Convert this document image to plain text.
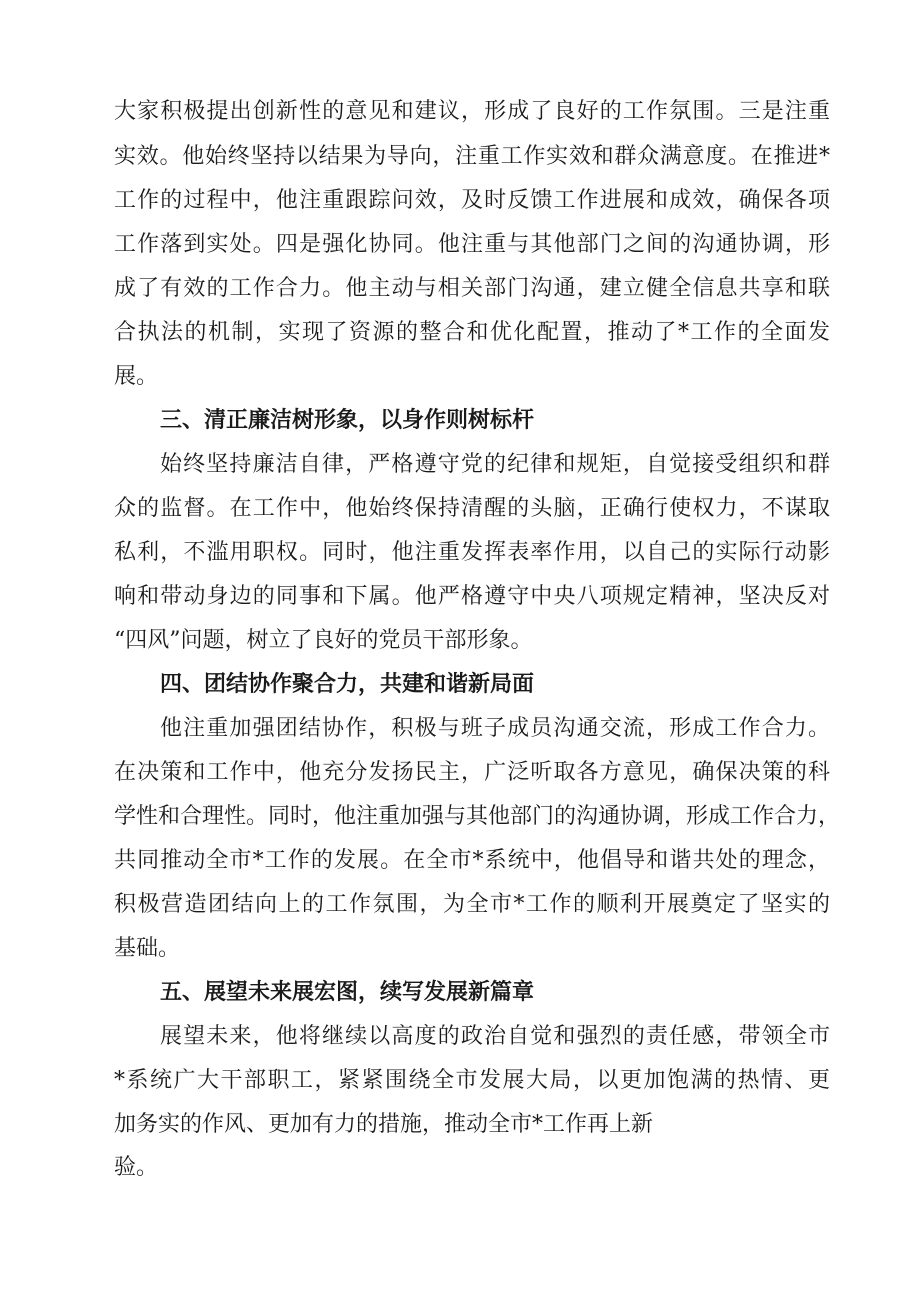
大家积极提出创新性的意见和建议，形成了良好的工作氛围。三是注重

实效。他始终坚持以结果为导向，注重工作实效和群众满意度。在推进*

工作的过程中，他注重跟踪问效，及时反馈工作进展和成效，确保各项

工作落到实处。四是强化协同。他注重与其他部门之间的沟通协调，形

成了有效的工作合力。他主动与相关部门沟通，建立健全信息共享和联

合执法的机制，实现了资源的整合和优化配置，推动了*工作的全面发

展。

三、清正廉洁树形象，以身作则树标杆

始终坚持廉洁自律，严格遵守党的纪律和规矩，自觉接受组织和群

众的监督。在工作中，他始终保持清醒的头脑，正确行使权力，不谋取

私利，不滥用职权。同时，他注重发挥表率作用，以自己的实际行动影

响和带动身边的同事和下属。他严格遵守中央八项规定精神，坚决反对

“四风”问题，树立了良好的党员干部形象。

四、团结协作聚合力，共建和谐新局面

他注重加强团结协作，积极与班子成员沟通交流，形成工作合力。

在决策和工作中，他充分发扬民主，广泛听取各方意见，确保决策的科

学性和合理性。同时，他注重加强与其他部门的沟通协调，形成工作合力，

共同推动全市*工作的发展。在全市*系统中，他倡导和谐共处的理念，

积极营造团结向上的工作氛围，为全市*工作的顺利开展奠定了坚实的

基础。

五、展望未来展宏图，续写发展新篇章

展望未来，他将继续以高度的政治自觉和强烈的责任感，带领全市

*系统广大干部职工，紧紧围绕全市发展大局，以更加饱满的热情、更

加务实的作风、更加有力的措施，推动全市*工作再上新

验。
